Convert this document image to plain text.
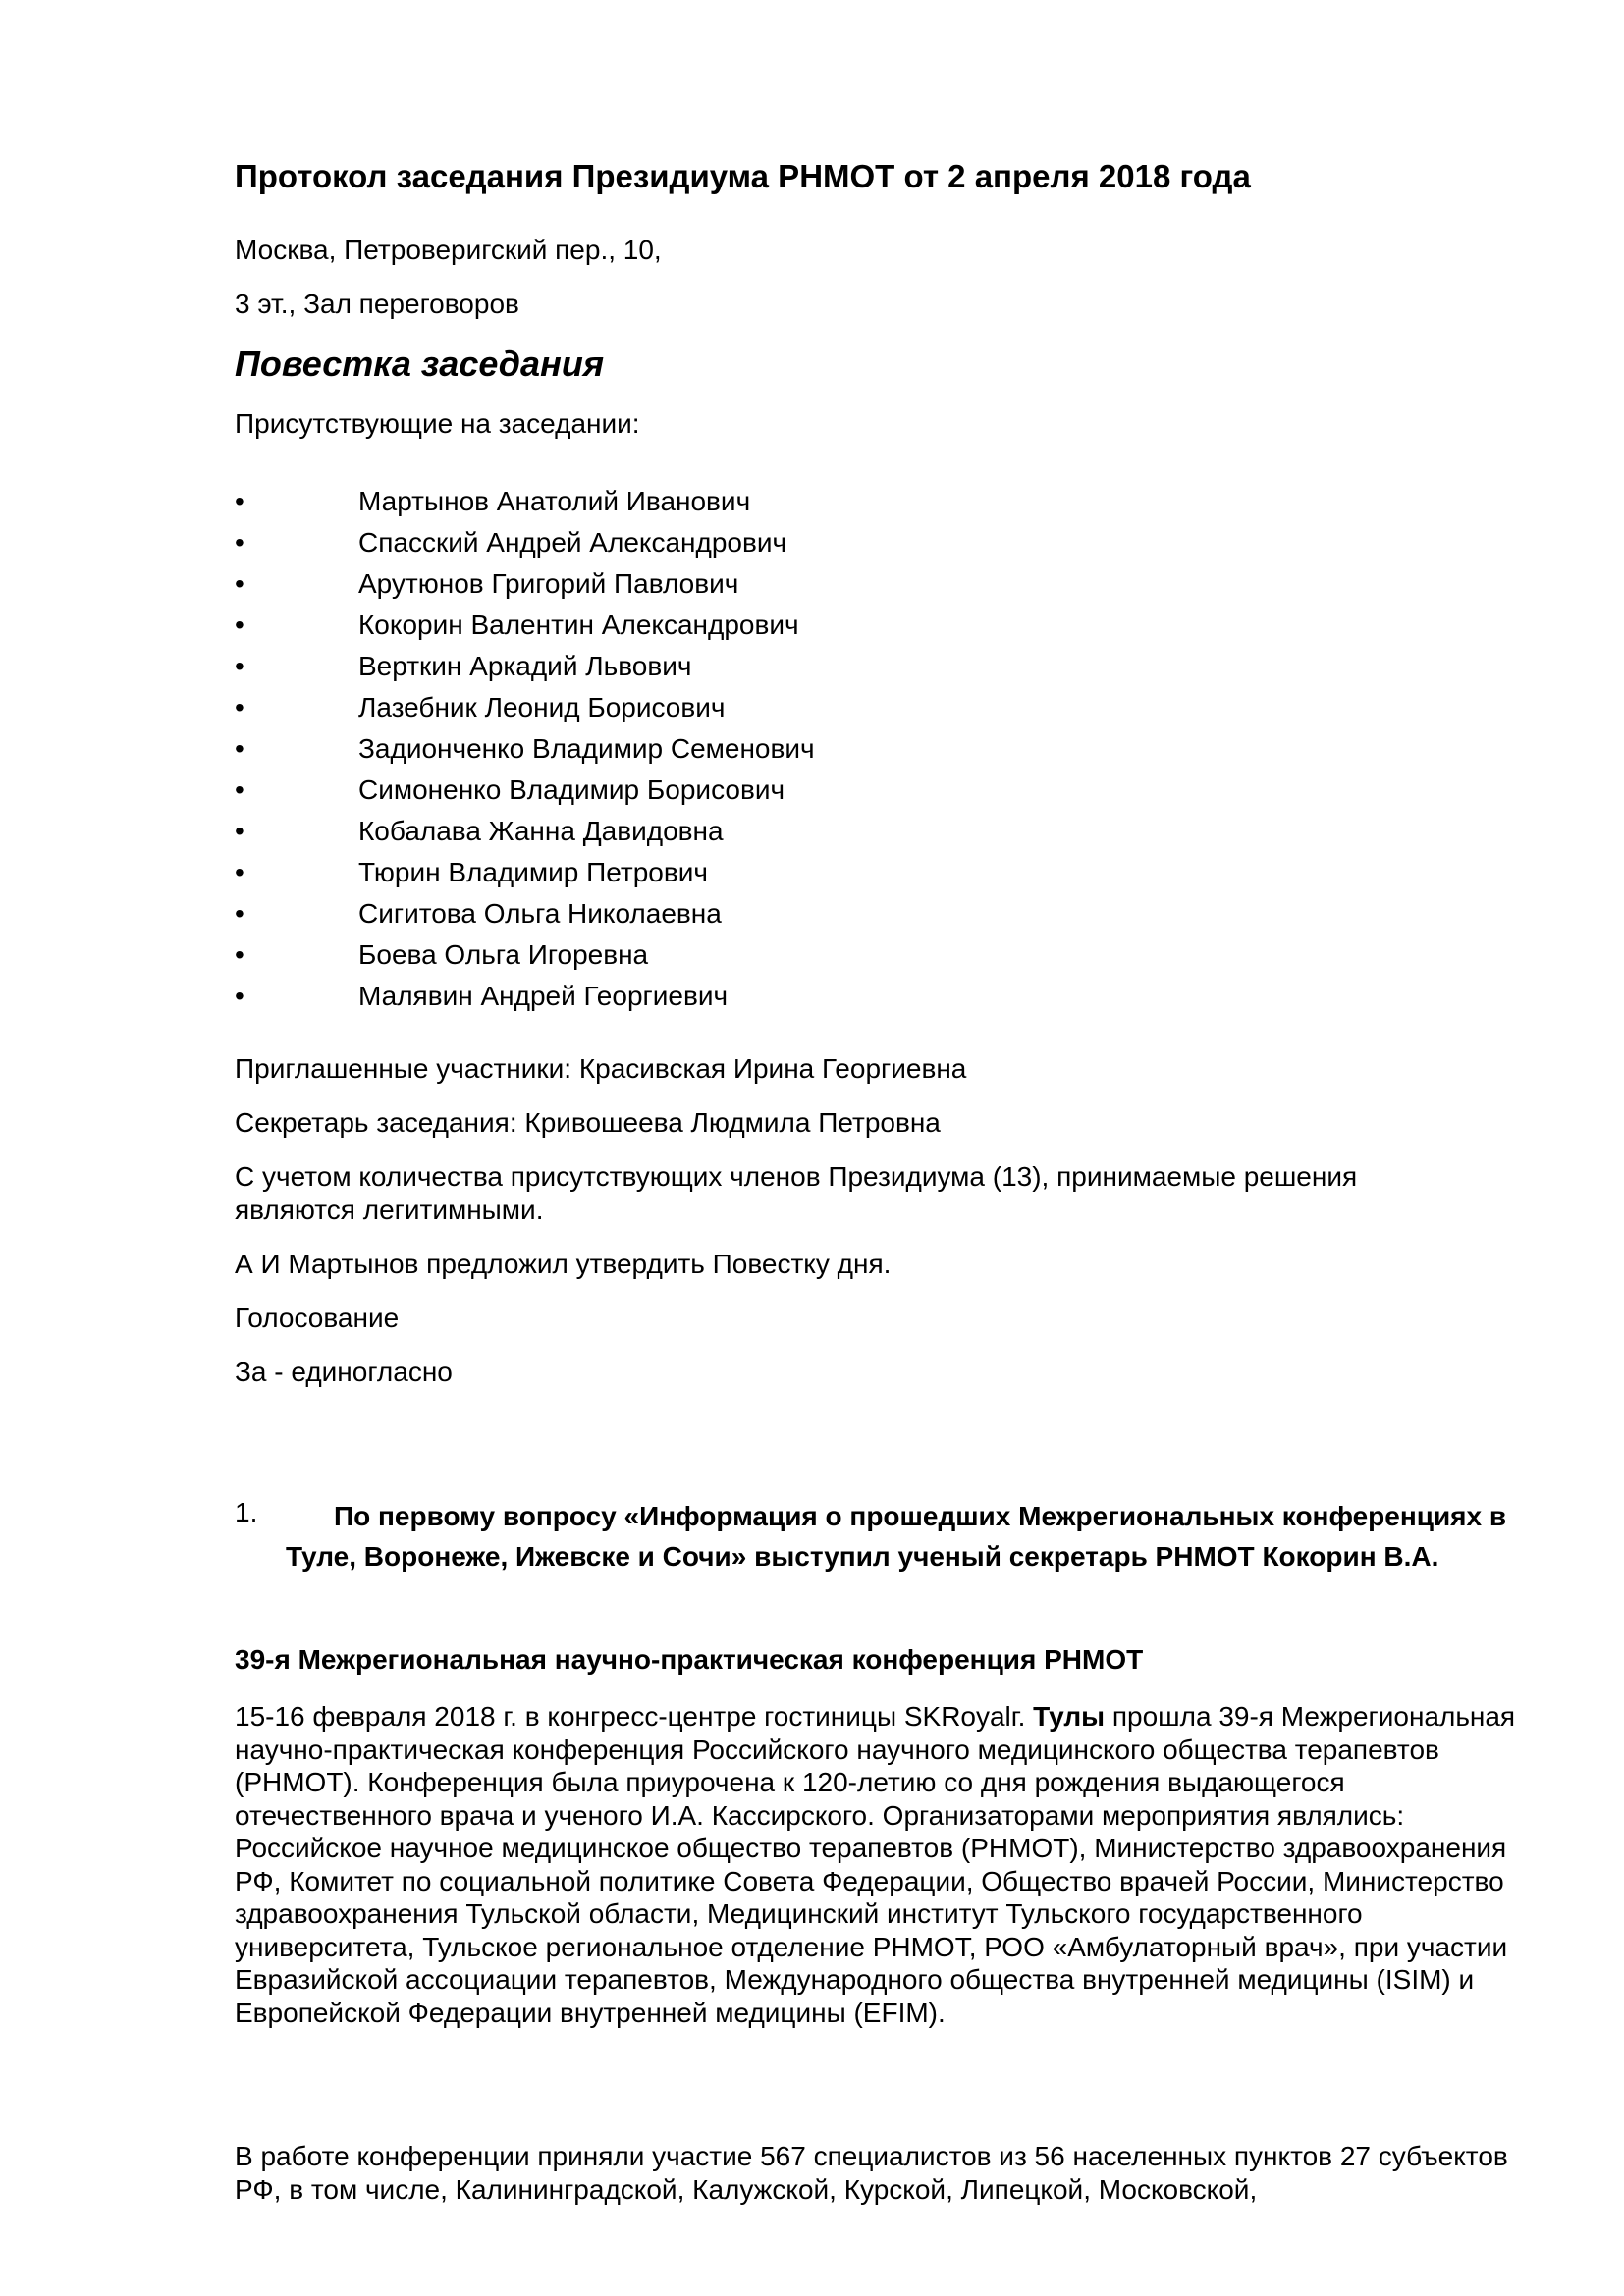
Протокол заседания Президиума РНМОТ от 2 апреля 2018 года

Москва, Петроверигский пер., 10,

3 эт., Зал переговоров

Повестка заседания

Присутствующие на заседании:

•	Мартынов Анатолий Иванович
•	Спасский Андрей Александрович
•	Арутюнов Григорий Павлович
•	Кокорин Валентин Александрович
•	Верткин Аркадий Львович
•	Лазебник Леонид Борисович
•	Задионченко Владимир Семенович
•	Симоненко Владимир Борисович
•	Кобалава Жанна Давидовна
•	Тюрин Владимир Петрович
•	Сигитова Ольга Николаевна
•	Боева Ольга Игоревна
•	Малявин Андрей Георгиевич

Приглашенные участники: Красивская Ирина Георгиевна

Секретарь заседания: Кривошеева Людмила Петровна

С учетом количества присутствующих членов Президиума (13), принимаемые решения

являются легитимными.

А И Мартынов предложил утвердить Повестку дня.

Голосование

За - единогласно

1.	По первому вопросу «Информация о прошедших Межрегиональных конференциях в Туле, Воронеже, Ижевске и Сочи» выступил ученый секретарь РНМОТ Кокорин В.А.

39-я Межрегиональная научно-практическая конференция РНМОТ

15-16 февраля 2018 г. в конгресс-центре гостиницы SKRoyalг. Тулы прошла 39-я Межрегиональная научно-практическая конференция Российского научного медицинского общества терапевтов (РНМОТ). Конференция была приурочена к 120-летию со дня рождения выдающегося отечественного врача и ученого И.А. Кассирского. Организаторами мероприятия являлись: Российское научное медицинское общество терапевтов (РНМОТ), Министерство здравоохранения РФ, Комитет по социальной политике Совета Федерации, Общество врачей России, Министерство здравоохранения Тульской области, Медицинский институт Тульского государственного университета, Тульское региональное отделение РНМОТ, РОО «Амбулаторный врач», при участии Евразийской ассоциации терапевтов, Международного общества внутренней медицины (ISIM) и Европейской Федерации внутренней медицины (EFIM).

В работе конференции приняли участие 567 специалистов из 56 населенных пунктов 27 субъектов РФ, в том числе, Калининградской, Калужской, Курской, Липецкой, Московской,
